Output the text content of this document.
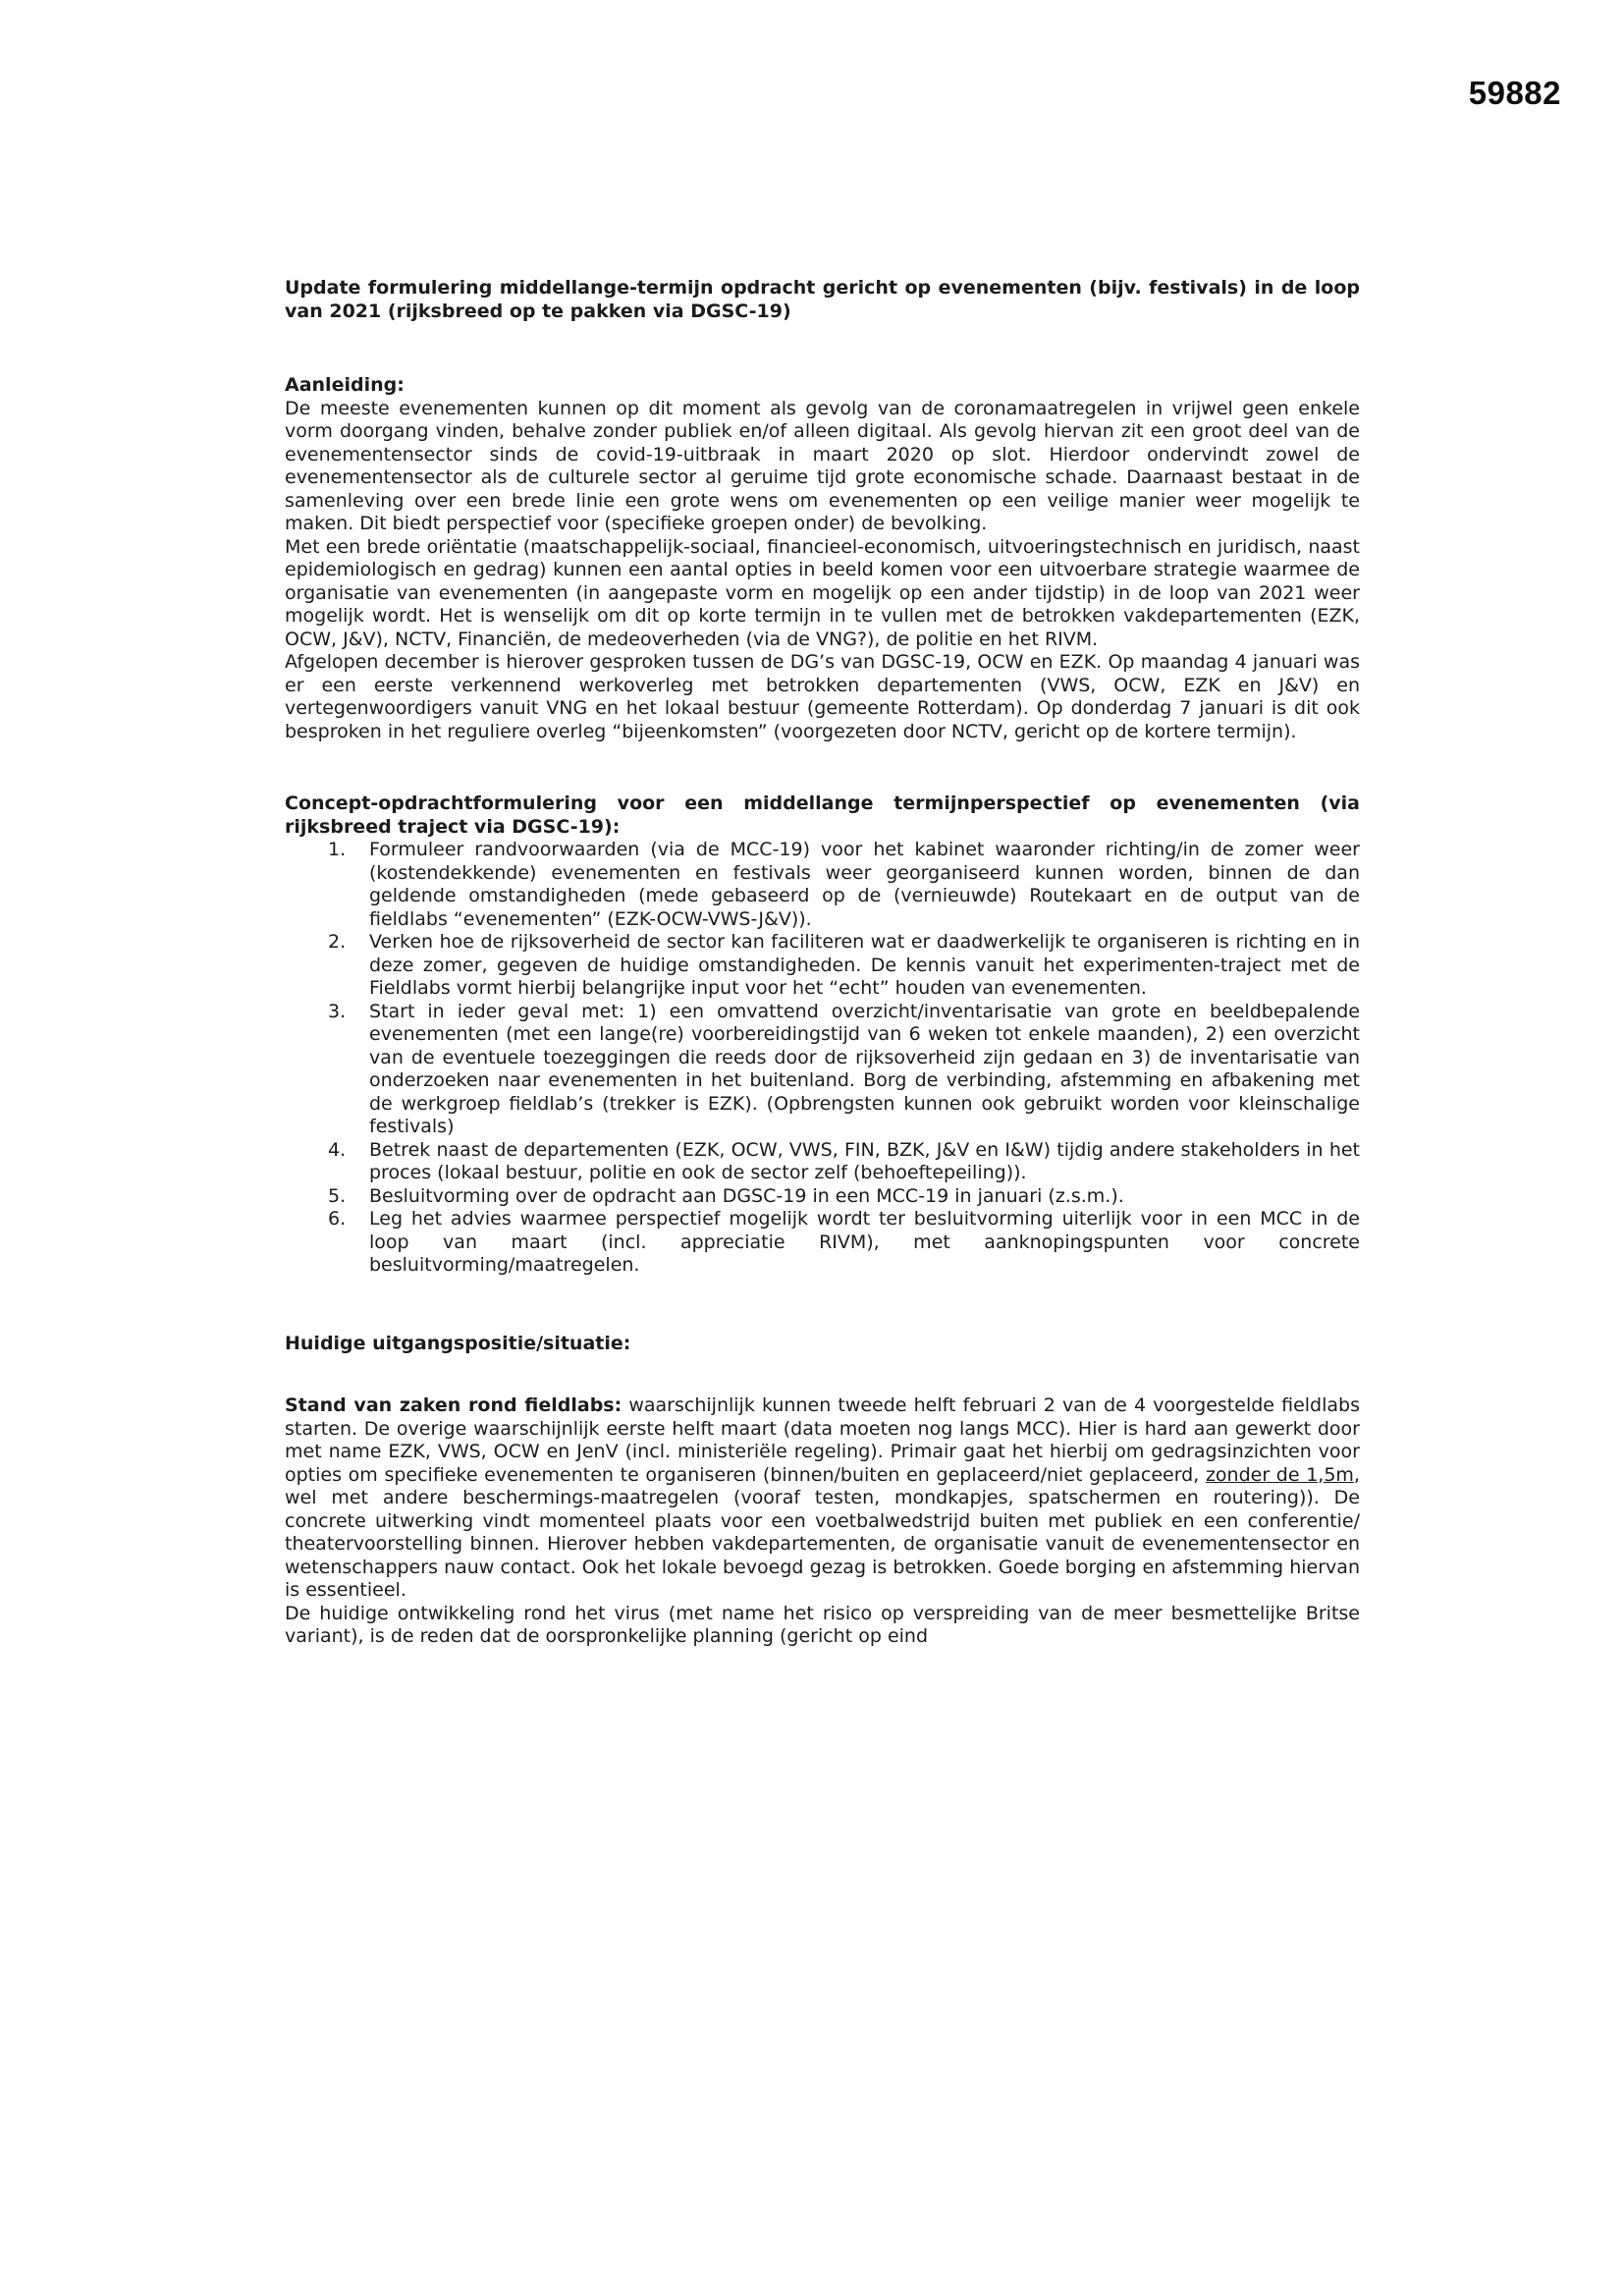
59882
Update formulering middellange-termijn opdracht gericht op evenementen (bijv. festivals) in de loop van 2021 (rijksbreed op te pakken via DGSC-19)
Aanleiding:

De meeste evenementen kunnen op dit moment als gevolg van de coronamaatregelen in vrijwel geen enkele vorm doorgang vinden, behalve zonder publiek en/of alleen digitaal. Als gevolg hiervan zit een groot deel van de evenementensector sinds de covid-19-uitbraak in maart 2020 op slot. Hierdoor ondervindt zowel de evenementensector als de culturele sector al geruime tijd grote economische schade. Daarnaast bestaat in de samenleving over een brede linie een grote wens om evenementen op een veilige manier weer mogelijk te maken. Dit biedt perspectief voor (specifieke groepen onder) de bevolking.

Met een brede oriëntatie (maatschappelijk-sociaal, financieel-economisch, uitvoeringstechnisch en juridisch, naast epidemiologisch en gedrag) kunnen een aantal opties in beeld komen voor een uitvoerbare strategie waarmee de organisatie van evenementen (in aangepaste vorm en mogelijk op een ander tijdstip) in de loop van 2021 weer mogelijk wordt. Het is wenselijk om dit op korte termijn in te vullen met de betrokken vakdepartementen (EZK, OCW, J&V), NCTV, Financiën, de medeoverheden (via de VNG?), de politie en het RIVM.

Afgelopen december is hierover gesproken tussen de DG’s van DGSC-19, OCW en EZK. Op maandag 4 januari was er een eerste verkennend werkoverleg met betrokken departementen (VWS, OCW, EZK en J&V) en vertegenwoordigers vanuit VNG en het lokaal bestuur (gemeente Rotterdam). Op donderdag 7 januari is dit ook besproken in het reguliere overleg “bijeenkomsten” (voorgezeten door NCTV, gericht op de kortere termijn).

Concept-opdrachtformulering voor een middellange termijnperspectief op evenementen (via rijksbreed traject via DGSC-19):
1. Formuleer randvoorwaarden (via de MCC-19) voor het kabinet waaronder richting/in de zomer weer (kostendekkende) evenementen en festivals weer georganiseerd kunnen worden, binnen de dan geldende omstandigheden (mede gebaseerd op de (vernieuwde) Routekaart en de output van de fieldlabs “evenementen” (EZK-OCW-VWS-J&V)).
2. Verken hoe de rijksoverheid de sector kan faciliteren wat er daadwerkelijk te organiseren is richting en in deze zomer, gegeven de huidige omstandigheden. De kennis vanuit het experimenten-traject met de Fieldlabs vormt hierbij belangrijke input voor het “echt” houden van evenementen.
3. Start in ieder geval met: 1) een omvattend overzicht/inventarisatie van grote en beeldbepalende evenementen (met een lange(re) voorbereidingstijd van 6 weken tot enkele maanden), 2) een overzicht van de eventuele toezeggingen die reeds door de rijksoverheid zijn gedaan en 3) de inventarisatie van onderzoeken naar evenementen in het buitenland. Borg de verbinding, afstemming en afbakening met de werkgroep fieldlab’s (trekker is EZK). (Opbrengsten kunnen ook gebruikt worden voor kleinschalige festivals)
4. Betrek naast de departementen (EZK, OCW, VWS, FIN, BZK, J&V en I&W) tijdig andere stakeholders in het proces (lokaal bestuur, politie en ook de sector zelf (behoeftepeiling)).
5. Besluitvorming over de opdracht aan DGSC-19 in een MCC-19 in januari (z.s.m.).
6. Leg het advies waarmee perspectief mogelijk wordt ter besluitvorming uiterlijk voor in een MCC in de loop van maart (incl. appreciatie RIVM), met aanknopingspunten voor concrete besluitvorming/maatregelen.
Huidige uitgangspositie/situatie:

Stand van zaken rond fieldlabs: waarschijnlijk kunnen tweede helft februari 2 van de 4 voorgestelde fieldlabs starten. De overige waarschijnlijk eerste helft maart (data moeten nog langs MCC). Hier is hard aan gewerkt door met name EZK, VWS, OCW en JenV (incl. ministeriële regeling). Primair gaat het hierbij om gedragsinzichten voor opties om specifieke evenementen te organiseren (binnen/buiten en geplaceerd/niet geplaceerd, zonder de 1,5m, wel met andere beschermings-maatregelen (vooraf testen, mondkapjes, spatschermen en routering)). De concrete uitwerking vindt momenteel plaats voor een voetbalwedstrijd buiten met publiek en een conferentie/ theatervoorstelling binnen. Hierover hebben vakdepartementen, de organisatie vanuit de evenementensector en wetenschappers nauw contact. Ook het lokale bevoegd gezag is betrokken. Goede borging en afstemming hiervan is essentieel.

De huidige ontwikkeling rond het virus (met name het risico op verspreiding van de meer besmettelijke Britse variant), is de reden dat de oorspronkelijke planning (gericht op eind
